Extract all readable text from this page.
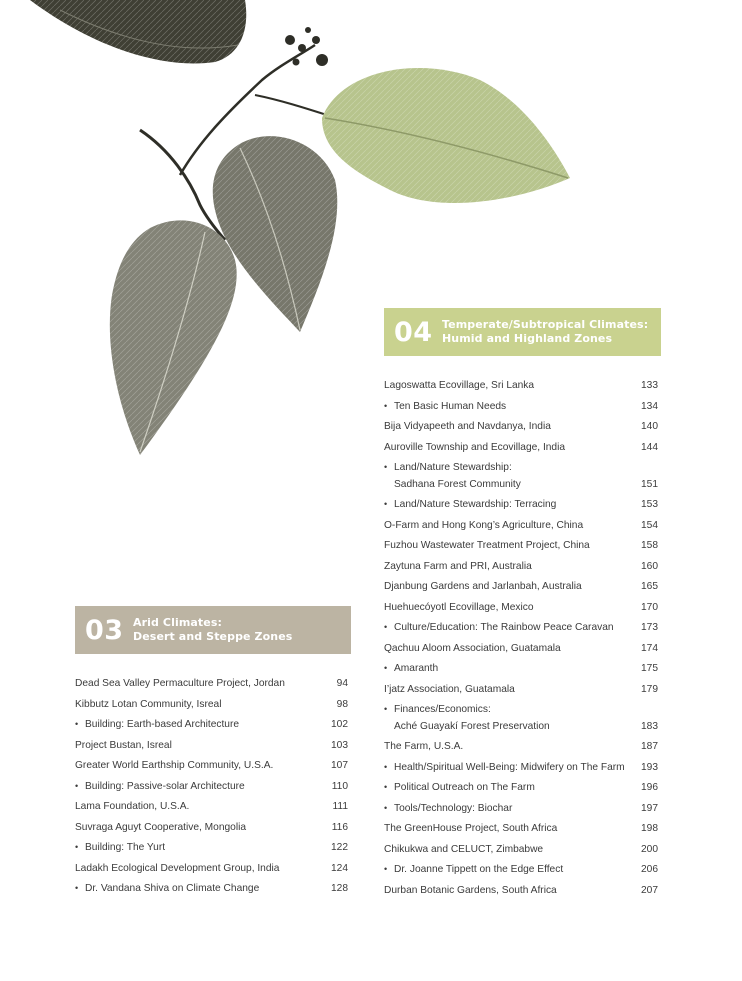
03 Arid Climates:
Desert and Steppe Zones
Dead Sea Valley Permaculture Project, Jordan	94
Kibbutz Lotan Community, Isreal	98
• Building: Earth-based Architecture	102
Project Bustan, Isreal	103
Greater World Earthship Community, U.S.A.	107
• Building: Passive-solar Architecture	110
Lama Foundation, U.S.A.	111
Suvraga Aguyt Cooperative, Mongolia	116
• Building: The Yurt	122
Ladakh Ecological Development Group, India	124
• Dr. Vandana Shiva on Climate Change	128
04 Temperate/Subtropical Climates:
Humid and Highland Zones
Lagoswatta Ecovillage, Sri Lanka	133
• Ten Basic Human Needs	134
Bija Vidyapeeth and Navdanya, India	140
Auroville Township and Ecovillage, India	144
• Land/Nature Stewardship:
Sadhana Forest Community	151
• Land/Nature Stewardship: Terracing	153
O-Farm and Hong Kong’s Agriculture, China	154
Fuzhou Wastewater Treatment Project, China	158
Zaytuna Farm and PRI, Australia	160
Djanbung Gardens and Jarlanbah, Australia	165
Huehuecóyotl Ecovillage, Mexico	170
• Culture/Education: The Rainbow Peace Caravan	173
Qachuu Aloom Association, Guatamala	174
• Amaranth	175
I’jatz Association, Guatamala	179
• Finances/Economics:
Aché Guayakí Forest Preservation	183
The Farm, U.S.A.	187
• Health/Spiritual Well-Being: Midwifery on The Farm	193
• Political Outreach on The Farm	196
• Tools/Technology: Biochar	197
The GreenHouse Project, South Africa	198
Chikukwa and CELUCT, Zimbabwe	200
• Dr. Joanne Tippett on the Edge Effect	206
Durban Botanic Gardens, South Africa	207
